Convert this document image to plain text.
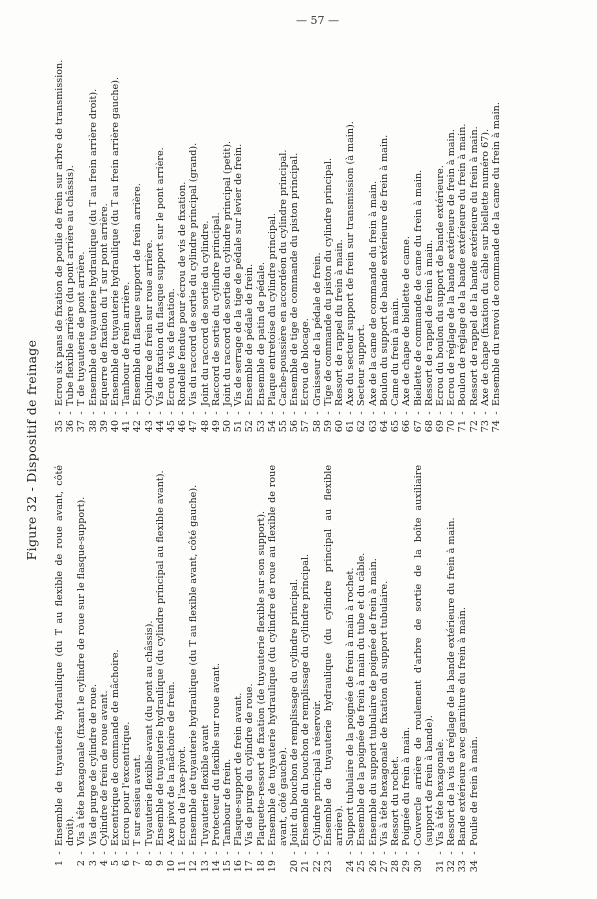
— 57 —
Figure 32 - Dispositif de freinage
1
-
Ensemble de tuyauterie hydraulique (du T au flexible de roue avant, côté droit).
2
-
Vis à tête hexagonale (fixant le cylindre de roue sur le flasque-support).
3
-
Vis de purge de cylindre de roue.
4
-
Cylindre de frein de roue avant.
5
-
Excentrique de commande de mâchoire.
6
-
Ecrou pour l'excentrique.
7
-
T sur essieu avant.
8
-
Tuyauterie flexible-avant (du pont au châssis).
9
-
Ensemble de tuyauterie hydraulique (du cylindre principal au flexible avant).
10
-
Axe pivot de la mâchoire de frein.
11
-
Ecrou de l'axe-pivot.
12
-
Ensemble de tuyauterie hydraulique (du T au flexible avant, côté gauche).
13
-
Tuyauterie flexible avant
14
-
Protecteur du flexible sur roue avant.
15
-
Tambour de frein.
16
-
Flasque-support de frein avant.
17
-
Vis de purge du cylindre de roue.
18
-
Plaquette-ressort de fixation (de tuyauterie flexible sur son support).
19
-
Ensemble de tuyauterie hydraulique (du cylindre de roue au flexible de roue avant, côté gauche).
20
-
Joint du bouchon de remplissage du cylindre principal.
21
-
Ensemble du bouchon de remplissage du cylindre principal.
22
-
Cylindre principal à réservoir.
23
-
Ensemble de tuyauterie hydraulique (du cylindre principal au flexible arrière).
24
-
Support tubulaire de la poignée de frein à main à rochet.
25
-
Ensemble de la poignée de frein à main du tube et du câble.
26
-
Ensemble du support tubulaire de poignée de frein à main.
27
-
Vis à tête hexagonale de fixation du support tubulaire.
28
-
Ressort du rochet.
29
-
Poignée du frein à main.
30
-
Couvercle arrière de roulement d'arbre de sortie de la boîte auxiliaire (support de frein à bande).
31
-
Vis à tête hexagonale.
32
-
Ressort de la vis de réglage de la bande extérieure du frein à main.
33
-
Bande extérieure avec garniture du frein à main.
34
-
Poulie de frein à main.
35
-
Ecrou six pans de fixation de poulie de frein sur arbre de transmission.
36
-
Tube flexible arrière (du pont arrière au châssis).
37
-
T de tuyauterie de pont arrière.
38
-
Ensemble de tuyauterie hydraulique (du T au frein arrière droit).
39
-
Equerre de fixation du T sur pont arrière.
40
-
Ensemble de tuyauterie hydraulique (du T au frein arrière gauche).
41
-
Tambour de frein arrière.
42
-
Ensemble du flasque support de frein arrière.
43
-
Cylindre de frein sur roue arrière.
44
-
Vis de fixation du flasque support sur le pont arrière.
45
-
Ecrou de vis de fixation.
46
-
Rondelle fendue pour écrou de vis de fixation.
47
-
Vis du raccord de sortie du cylindre principal (grand).
48
-
Joint du raccord de sortie du cylindre.
49
-
Raccord de sortie du cylindre principal.
50
-
Joint du raccord de sortie du cylindre principal (petit).
51
-
Vis de serrage de la tige de pédale sur levier de frein.
52
-
Ensemble de pédale de frein.
53
-
Ensemble de patin de pédale.
54
-
Plaque entretoise du cylindre principal.
55
-
Cache-poussière en accordéon du cylindre principal.
56
-
Ensemble de tige de commande du piston principal.
57
-
Ecrou de blocage.
58
-
Graisseur de la pédale de frein.
59
-
Tige de commande du piston du cylindre principal.
60
-
Ressort de rappel du frein à main.
61
-
Axe du secteur support de frein sur transmission (à main).
62
-
Secteur support.
63
-
Axe de la came de commande du frein à main.
64
-
Boulon du support de bande extérieure de frein à main.
65
-
Came du frein à main.
66
-
Axe de chape de biellette de came.
67
-
Biellette de commande de came du frein à main.
68
-
Ressort de rappel de frein à main.
69
-
Ecrou du boulon du support de bande extérieure.
70
-
Ecrou de réglage de la bande extérieure de frein à main.
71
-
Boulon de réglage de la bande extérieure du frein à main.
72
-
Ressort de rappel de la bande extérieure du frein à main.
73
-
Axe de chape (fixation du câble sur biellette numéro 67).
74
-
Ensemble du renvoi de commande de la came du frein à main.
